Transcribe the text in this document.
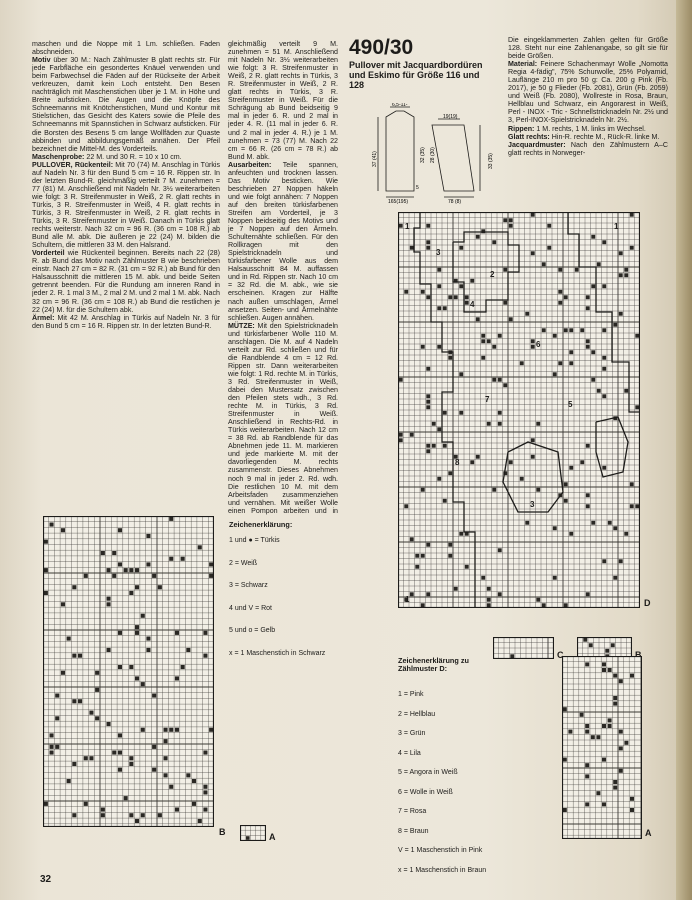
maschen und die Noppe mit 1 Lm. schließen. Faden abschneiden.

Motiv über 30 M.: Nach Zählmuster B glatt rechts str. Für jede Farbfläche ein gesondertes Knäuel verwenden und beim Farbwechsel die Fäden auf der Rückseite der Arbeit verkreuzen, damit kein Loch entsteht. Den Besen nachträglich mit Maschenstichen über je 1 M. in Höhe und Breite aufsticken. Die Augen und die Knöpfe des Schneemanns mit Knötchenstichen, Mund und Kontur mit Stielstichen, das Gesicht des Katers sowie die Pfeile des Schneemanns mit Spannstichen in Schwarz aufsticken. Für die Borsten des Besens 5 cm lange Wollfäden zur Quaste abbinden und abbildungsgemäß annähen. Der Pfeil bezeichnet die Mittel-M. des Vorderteils.

Maschenprobe: 22 M. und 30 R. = 10 x 10 cm.

PULLOVER, Rückenteil: Mit 70 (74) M. Anschlag in Türkis auf Nadeln Nr. 3 für den Bund 5 cm = 16 R. Rippen str. In der letzten Bund-R. gleichmäßig verteilt 7 M. zunehmen = 77 (81) M. Anschließend mit Nadeln Nr. 3½ weiterarbeiten wie folgt: 3 R. Streifenmuster in Weiß, 2 R. glatt rechts in Türkis, 3 R. Streifenmuster in Weiß, 4 R. glatt rechts in Türkis, 3 R. Streifenmuster in Weiß, 2 R. glatt rechts in Türkis, 3 R. Streifenmuster in Weiß. Danach in Türkis glatt rechts weiterstr. Nach 32 cm = 96 R. (36 cm = 108 R.) ab Bund alle M. abk. Die äußeren je 22 (24) M. bilden die Schultern, die mittleren 33 M. den Halsrand.

Vorderteil wie Rückenteil beginnen. Bereits nach 22 (28) R. ab Bund das Motiv nach Zählmuster B wie beschrieben einstr. Nach 27 cm = 82 R. (31 cm = 92 R.) ab Bund für den Halsausschnitt die mittleren 15 M. abk. und beide Seiten getrennt beenden. Für die Rundung am inneren Rand in jeder 2. R. 1 mal 3 M., 2 mal 2 M. und 2 mal 1 M. abk. Nach 32 cm = 96 R. (36 cm = 108 R.) ab Bund die restlichen je 22 (24) M. für die Schultern abk.

Ärmel: Mit 42 M. Anschlag in Türkis auf Nadeln Nr. 3 für den Bund 5 cm = 16 R. Rippen str. In der letzten Bund-R.

gleichmäßig verteilt 9 M. zunehmen = 51 M. Anschließend mit Nadeln Nr. 3½ weiterarbeiten wie folgt: 3 R. Streifenmuster in Weiß, 2 R. glatt rechts in Türkis, 3 R. Streifenmuster in Weiß, 2 R. glatt rechts in Türkis, 3 R. Streifenmuster in Weiß. Für die Schrägung ab Bund beidseitig 9 mal in jeder 6. R. und 2 mal in jeder 4. R. (11 mal in jeder 6. R. und 2 mal in jeder 4. R.) je 1 M. zunehmen = 73 (77) M. Nach 22 cm = 66 R. (26 cm = 78 R.) ab Bund M. abk.

Ausarbeiten: Teile spannen, anfeuchten und trocknen lassen. Das Motiv besticken. Wie beschrieben 27 Noppen häkeln und wie folgt annähen: 7 Noppen auf den breiten türkisfarbenen Streifen am Vorderteil, je 3 Noppen beidseitig des Motivs und je 7 Noppen auf den Ärmeln. Schulternähte schließen. Für den Rollkragen mit den Spielstricknadeln und türkisfarbener Wolle aus dem Halsausschnitt 84 M. auffassen und in Rd. Rippen str. Nach 10 cm = 32 Rd. die M. abk., wie sie erscheinen. Kragen zur Hälfte nach außen umschlagen, Ärmel ansetzen. Seiten- und Ärmelnähte schließen. Augen annähen.

MÜTZE: Mit den Spielstricknadeln und türkisfarbener Wolle 110 M. anschlagen. Die M. auf 4 Nadeln verteilt zur Rd. schließen und für die Randblende 4 cm = 12 Rd. Rippen str. Dann weiterarbeiten wie folgt: 1 Rd. rechte M. in Türkis, 3 Rd. Streifenmuster in Weiß, dabei den Mustersatz zwischen den Pfeilen stets wdh., 3 Rd. rechte M. in Türkis, 3 Rd. Streifenmuster in Weiß. Anschließend in Rechts-Rd. in Türkis weiterarbeiten. Nach 12 cm = 38 Rd. ab Randblende für das Abnehmen jede 11. M. markieren und jede markierte M. mit der davorliegenden M. rechts zusammenstr. Dieses Abnehmen noch 9 mal in jeder 2. Rd. wdh. Die restlichen 10 M. mit dem Arbeitsfaden zusammenziehen und vernähen. Mit weißer Wolle einen Pompon arbeiten und in

490/30
Pullover mit Jacquardbordüren und Eskimo für Größe 116 und 128

Die eingeklammerten Zahlen gelten für Größe 128. Steht nur eine Zahlenangabe, so gilt sie für beide Größen.

Material: Feinere Schachenmayr Wolle „Nomotta Regia 4-fädig", 75% Schurwolle, 25% Polyamid, Lauflänge 210 m pro 50 g: Ca. 200 g Pink (Fb. 2017), je 50 g Flieder (Fb. 2081), Grün (Fb. 2059) und Weiß (Fb. 2080), Wollreste in Rosa, Braun, Hellblau und Schwarz, ein Angorarest in Weiß, Perl - INOX - Tric - Schnellstricknadeln Nr. 2½ und 3, Perl-INOX-Spielstricknadeln Nr. 2½.

Rippen: 1 M. rechts, 1 M. links im Wechsel.

Glatt rechts: Hin-R. rechte M., Rück-R. linke M.

Jacquardmuster: Nach den Zählmustern A–C glatt rechts in Norweger-

6,5-11-
37 (41)	32 (35) 28 (30)
5
19(19)
33 (35)
165(195)	78 (8)
B	A
Zeichenerklärung:
1 und ● = Türkis
2 = Weiß
3 = Schwarz
4 und V = Rot
5 und o = Gelb
x = 1 Maschenstich in Schwarz
D
1	1
3
2
4
6
7
5
8
3
1
C	B
A
Zeichenerklärung zu Zählmuster D:
1 = Pink
2 = Hellblau
3 = Grün
4 = Lila
5 = Angora in Weiß
6 = Wolle in Weiß
7 = Rosa
8 = Braun
V = 1 Maschenstich in Pink
x = 1 Maschenstich in Braun
32
